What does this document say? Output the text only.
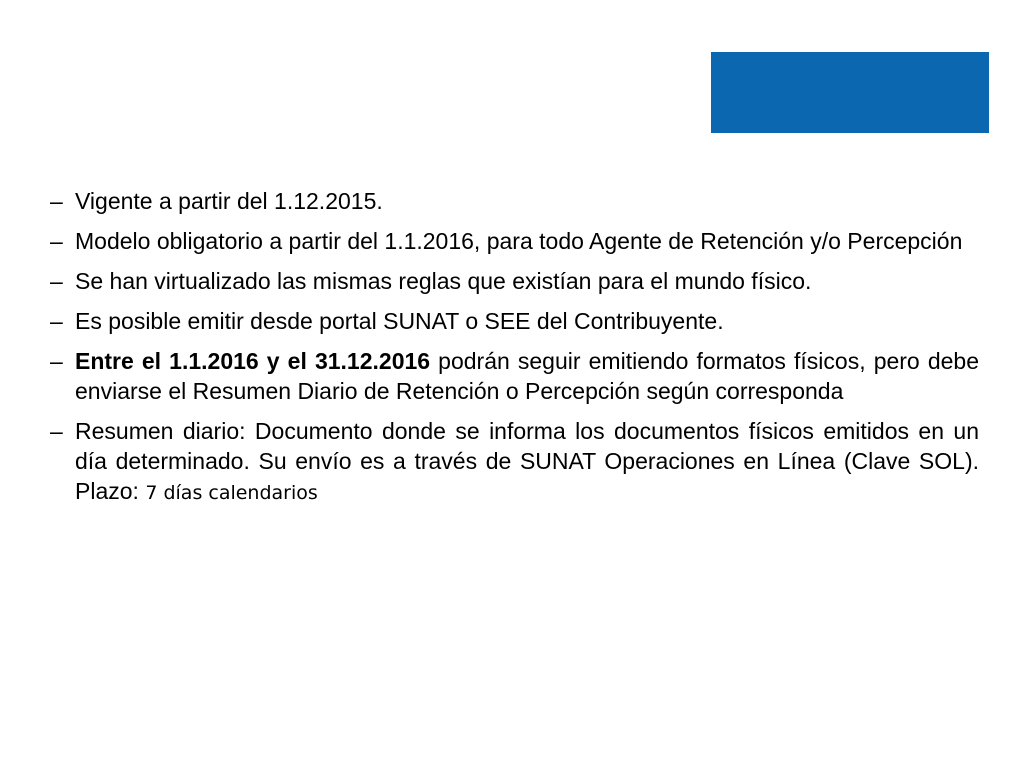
– Vigente a partir del 1.12.2015.
– Modelo obligatorio a partir del 1.1.2016, para todo Agente de Retención y/o Percepción
– Se han virtualizado las mismas reglas que existían para el mundo físico.
– Es posible emitir desde portal SUNAT o SEE del Contribuyente.
– Entre el 1.1.2016 y el 31.12.2016 podrán seguir emitiendo formatos físicos, pero debe enviarse el Resumen Diario de Retención o Percepción según corresponda
– Resumen diario: Documento donde se informa los documentos físicos emitidos en un día determinado. Su envío es a través de SUNAT Operaciones en Línea (Clave SOL). Plazo: 7 días calendarios
